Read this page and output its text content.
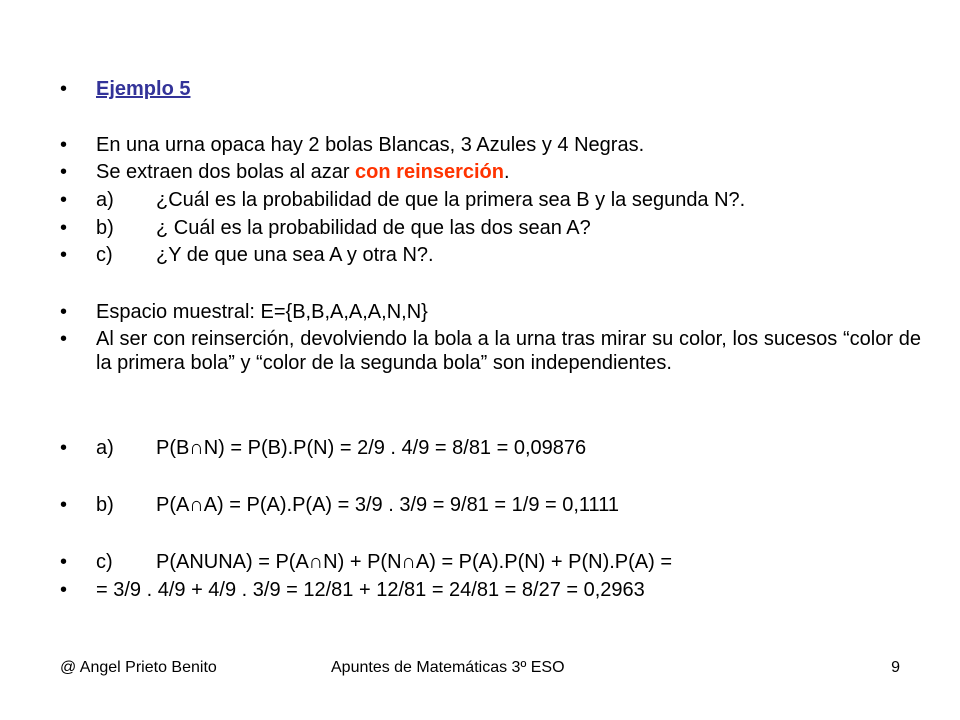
• Ejemplo 5
• En una urna opaca hay 2 bolas Blancas, 3 Azules y 4 Negras.
• Se extraen dos bolas al azar con reinserción.
• a) ¿Cuál es la probabilidad de que la primera sea B y la segunda N?.
• b) ¿ Cuál es la probabilidad de que las dos sean A?
• c) ¿Y de que una sea A y otra N?.
• Espacio muestral: E={B,B,A,A,A,N,N}
• Al ser con reinserción, devolviendo la bola a la urna tras mirar su color, los sucesos “color de la primera bola” y “color de la segunda bola” son independientes.
• a) P(B∩N) = P(B).P(N) = 2/9 . 4/9 = 8/81 = 0,09876
• b) P(A∩A) = P(A).P(A) = 3/9 . 3/9 = 9/81 = 1/9 = 0,1111
• c) P(ANUNA) = P(A∩N) + P(N∩A) = P(A).P(N) + P(N).P(A) =
• = 3/9 . 4/9 + 4/9 . 3/9 = 12/81 + 12/81 = 24/81 = 8/27 = 0,2963
@ Angel Prieto Benito	Apuntes de Matemáticas 3º ESO	9
